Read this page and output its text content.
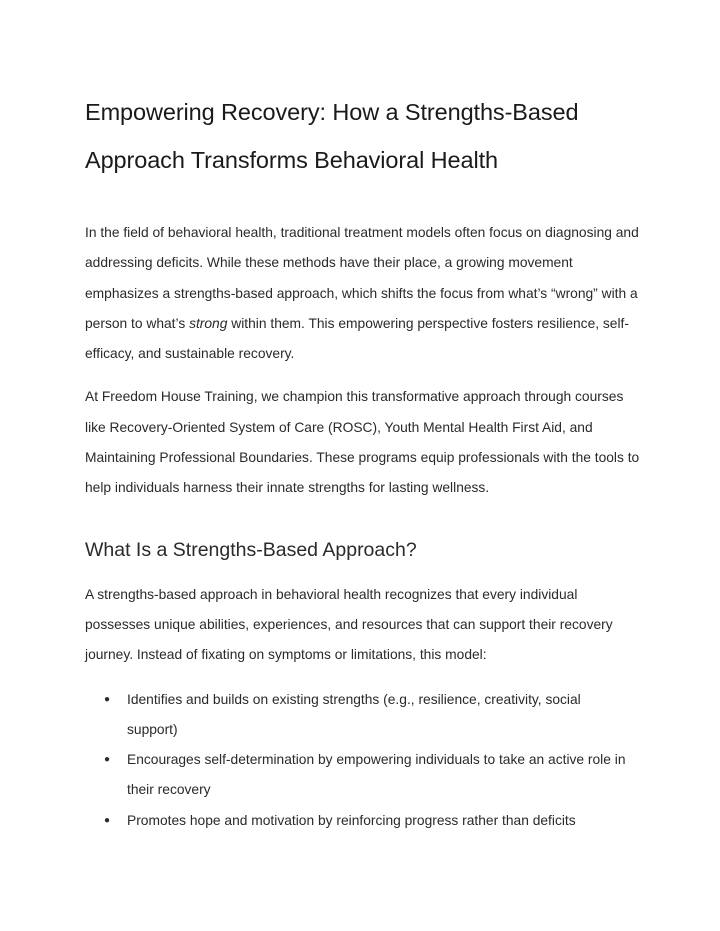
Empowering Recovery: How a Strengths-Based Approach Transforms Behavioral Health

In the field of behavioral health, traditional treatment models often focus on diagnosing and addressing deficits. While these methods have their place, a growing movement emphasizes a strengths-based approach, which shifts the focus from what’s “wrong” with a person to what’s strong within them. This empowering perspective fosters resilience, self-efficacy, and sustainable recovery.

At Freedom House Training, we champion this transformative approach through courses like Recovery-Oriented System of Care (ROSC), Youth Mental Health First Aid, and Maintaining Professional Boundaries. These programs equip professionals with the tools to help individuals harness their innate strengths for lasting wellness.

What Is a Strengths-Based Approach?

A strengths-based approach in behavioral health recognizes that every individual possesses unique abilities, experiences, and resources that can support their recovery journey. Instead of fixating on symptoms or limitations, this model:

● Identifies and builds on existing strengths (e.g., resilience, creativity, social support)
● Encourages self-determination by empowering individuals to take an active role in their recovery
● Promotes hope and motivation by reinforcing progress rather than deficits
